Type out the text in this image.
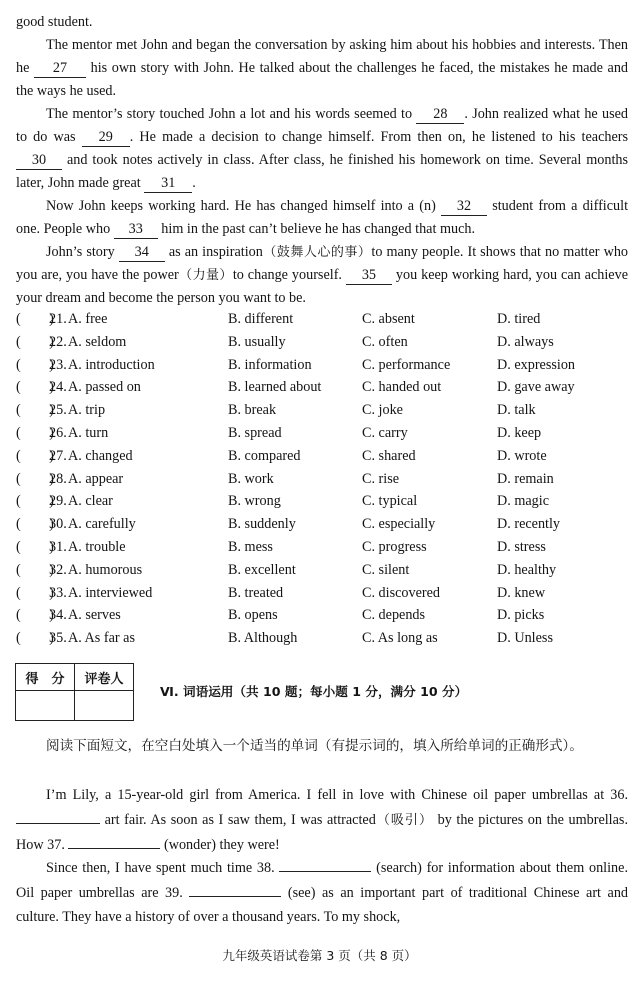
good student.
The mentor met John and began the conversation by asking him about his hobbies and interests. Then he 27 his own story with John. He talked about the challenges he faced, the mistakes he made and the ways he used.
The mentor’s story touched John a lot and his words seemed to 28 . John realized what he used to do was 29 . He made a decision to change himself. From then on, he listened to his teachers 30 and took notes actively in class. After class, he finished his homework on time. Several months later, John made great 31 .
Now John keeps working hard. He has changed himself into a (n) 32 student from a difficult one. People who 33 him in the past can’t believe he has changed that much.
John’s story 34 as an inspiration（鼓舞人心的事）to many people. It shows that no matter who you are, you have the power（力量）to change yourself. 35 you keep working hard, you can achieve your dream and become the person you want to be.
21.
(　　) A. free	B. different	C. absent	D. tired
22.
(　　) A. seldom	B. usually	C. often	D. always
23.
(　　) A. introduction	B. information	C. performance	D. expression
24.
(　　) A. passed on	B. learned about	C. handed out	D. gave away
25.
(　　) A. trip	B. break	C. joke	D. talk
26.
(　　) A. turn	B. spread	C. carry	D. keep
27.
(　　) A. changed	B. compared	C. shared	D. wrote
28.
(　　) A. appear	B. work	C. rise	D. remain
29.
(　　) A. clear	B. wrong	C. typical	D. magic
30.
(　　) A. carefully	B. suddenly	C. especially	D. recently
31.
(　　) A. trouble	B. mess	C. progress	D. stress
32.
(　　) A. humorous	B. excellent	C. silent	D. healthy
33.
(　　) A. interviewed	B. treated	C. discovered	D. knew
34.
(　　) A. serves	B. opens	C. depends	D. picks
35.
(　　) A. As far as	B. Although	C. As long as	D. Unless
得　分	评卷人

Ⅵ. 词语运用（共 10 题；每小题 1 分，满分 10 分）
阅读下面短文，在空白处填入一个适当的单词（有提示词的，填入所给单词的正确形式）。
I’m Lily, a 15-year-old girl from America. I fell in love with Chinese oil paper umbrellas at 36.  art fair. As soon as I saw them, I was attracted（吸引） by the pictures on the umbrellas. How 37.	(wonder) they were!
Since then, I have spent much time 38.	(search) for information about them online. Oil paper umbrellas are 39.	(see) as an important part of traditional Chinese art and culture. They have a history of over a thousand years. To my shock,
九年级英语试卷第 3 页（共 8 页）
